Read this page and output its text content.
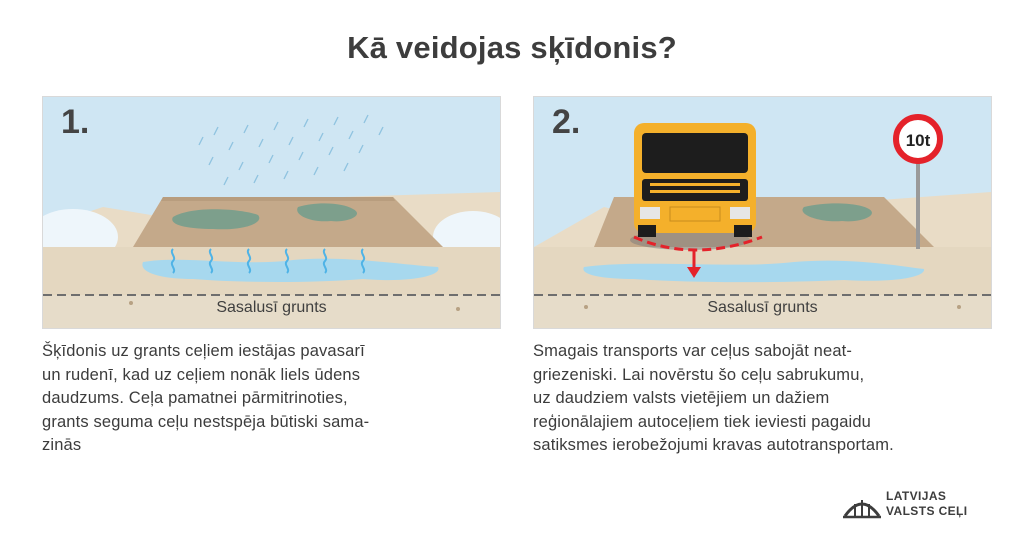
Kā veidojas sķīdonis?
1.
Sasalusī grunts
10t
2.
Sasalusī grunts
Šķīdonis uz grants ceļiem iestājas pavasarī
un rudenī, kad uz ceļiem nonāk liels ūdens
daudzums. Ceļa pamatnei pārmitrinoties,
grants seguma ceļu nestspēja būtiski sama-
zinās
Smagais transports var ceļus sabojāt neat-
griezeniski. Lai novērstu šo ceļu sabrukumu,
uz daudziem valsts vietējiem un dažiem
reģionālajiem autoceļiem tiek ieviesti pagaidu
satiksmes ierobežojumi kravas autotransportam.
LATVIJAS
VALSTS CEĻI
